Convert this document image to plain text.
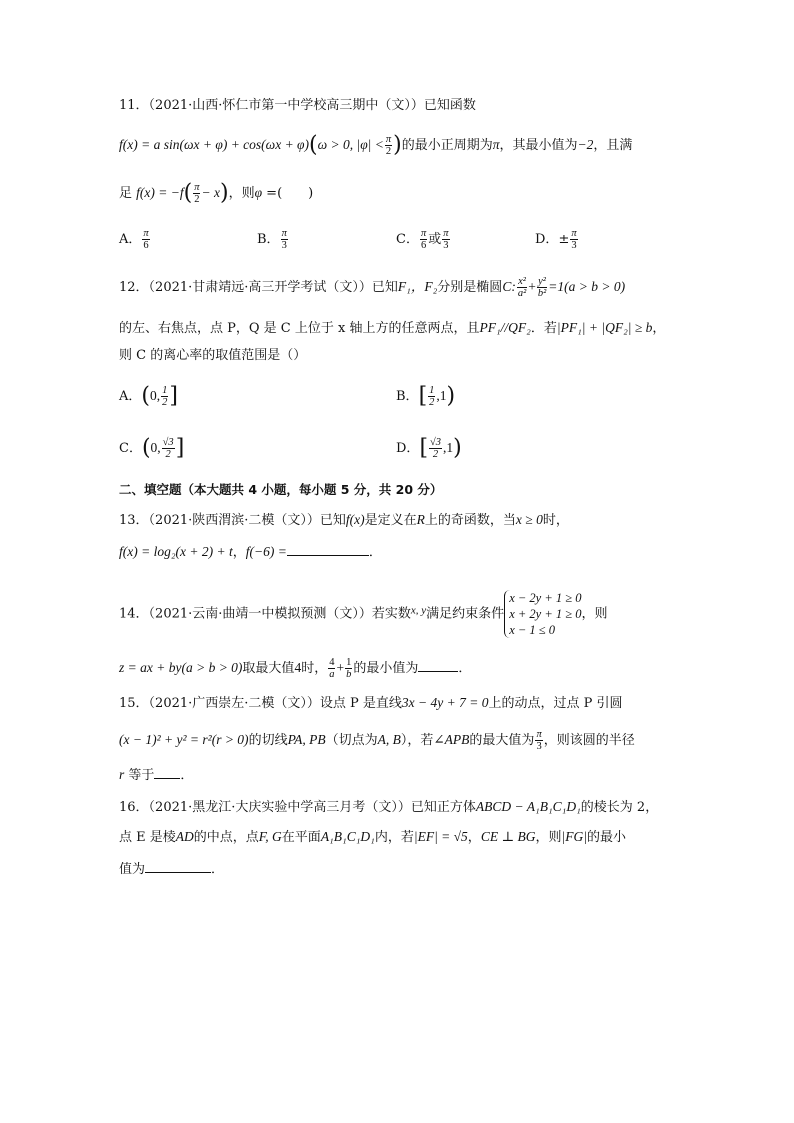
11．（2021·山西·怀仁市第一中学校高三期中（文））已知函数
f(x) = a sin(ωx + φ) + cos(ωx + φ)(ω > 0, $|\varphi| < \frac{\pi}{2}$ )的最小正周期为π，其最小值为−2，且满
足 $f(x) = -f( \frac{\pi}{2} - x)$，则φ =(　　)
A． $\frac{\pi}{6}$	B． $\frac{\pi}{3}$	C． $\frac{\pi}{6}$ 或 $\frac{\pi}{3}$	D．± $\frac{\pi}{3}$
12．（2021·甘肃靖远·高三开学考试（文））已知F₁，F₂分别是椭圆C: $\frac{\text{x²}}{\text{a²}} + \frac{\text{y²}}{\text{b²}} =1(a > b > 0)$
的左、右焦点，点 P，Q 是 C 上位于 x 轴上方的任意两点，且PF₁//QF₂．若|PF₁| + |QF₂| ≥ b，
则 C 的离心率的取值范围是（）
A．(0, $\frac{1}{2}$ ]	B．[ $\frac{1}{2} ,1$)
C．(0, $\frac{√3}{2}$ ]	D．[ $\frac{√3}{2} ,1$)
二、填空题（本大题共 4 小题，每小题 5 分，共 20 分）
13．（2021·陕西渭滨·二模（文））已知f(x)是定义在R上的奇函数，当x ≥ 0时，
f(x) = log₂(x + 2) + t，f(−6) =	．
14．（2021·云南·曲靖一中模拟预测（文））若实数$^{x, y}$满足约束条件
x − 2y + 1 ≥ 0
x + 2y + 1 ≥ 0
x − 1 ≤ 0
，则
z = ax + by(a > b > 0)取最大值4时， $\frac{4}{a} + \frac{1}{b}$ 的最小值为	．
15．（2021·广西崇左·二模（文））设点 P 是直线3x − 4y + 7 = 0上的动点，过点 P 引圆
(x − 1)² + y² = r²(r > 0)的切线PA, PB（切点为A, B），若∠APB的最大值为 $\frac{\pi}{3}$ ，则该圆的半径
r 等于 ．
16．（2021·黑龙江·大庆实验中学高三月考（文））已知正方体ABCD − A₁B₁C₁D₁的棱长为 2，
点 E 是棱AD的中点，点F, G在平面A₁B₁C₁D₁内，若|EF| = √5，CE ⊥ BG，则|FG|的最小
值为	．
